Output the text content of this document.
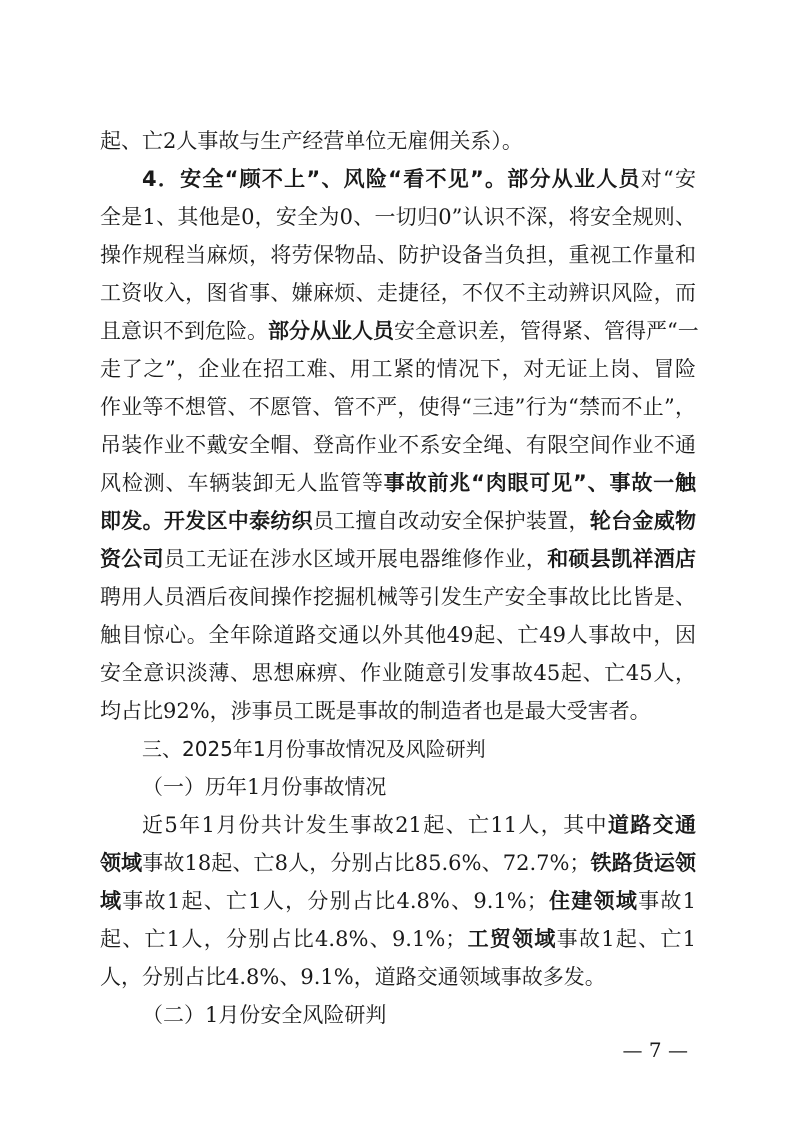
起、亡2人事故与生产经营单位无雇佣关系）。
4．安全“顾不上”、风险“看不见”。部分从业人员对“安
全是1、其他是0，安全为0、一切归0”认识不深，将安全规则、
操作规程当麻烦，将劳保物品、防护设备当负担，重视工作量和
工资收入，图省事、嫌麻烦、走捷径，不仅不主动辨识风险，而
且意识不到危险。部分从业人员安全意识差，管得紧、管得严“一
走了之”，企业在招工难、用工紧的情况下，对无证上岗、冒险
作业等不想管、不愿管、管不严，使得“三违”行为“禁而不止”，
吊装作业不戴安全帽、登高作业不系安全绳、有限空间作业不通
风检测、车辆装卸无人监管等事故前兆“肉眼可见”、事故一触
即发。开发区中泰纺织员工擅自改动安全保护装置，轮台金威物
资公司员工无证在涉水区域开展电器维修作业，和硕县凯祥酒店
聘用人员酒后夜间操作挖掘机械等引发生产安全事故比比皆是、
触目惊心。全年除道路交通以外其他49起、亡49人事故中，因
安全意识淡薄、思想麻痹、作业随意引发事故45起、亡45人，
均占比92%，涉事员工既是事故的制造者也是最大受害者。
三、2025年1月份事故情况及风险研判
（一）历年1月份事故情况
近5年1月份共计发生事故21起、亡11人，其中道路交通
领域事故18起、亡8人，分别占比85.6%、72.7%；铁路货运领
域事故1起、亡1人，分别占比4.8%、9.1%；住建领域事故1
起、亡1人，分别占比4.8%、9.1%；工贸领域事故1起、亡1
人，分别占比4.8%、9.1%，道路交通领域事故多发。
（二）1月份安全风险研判
— 7 —
